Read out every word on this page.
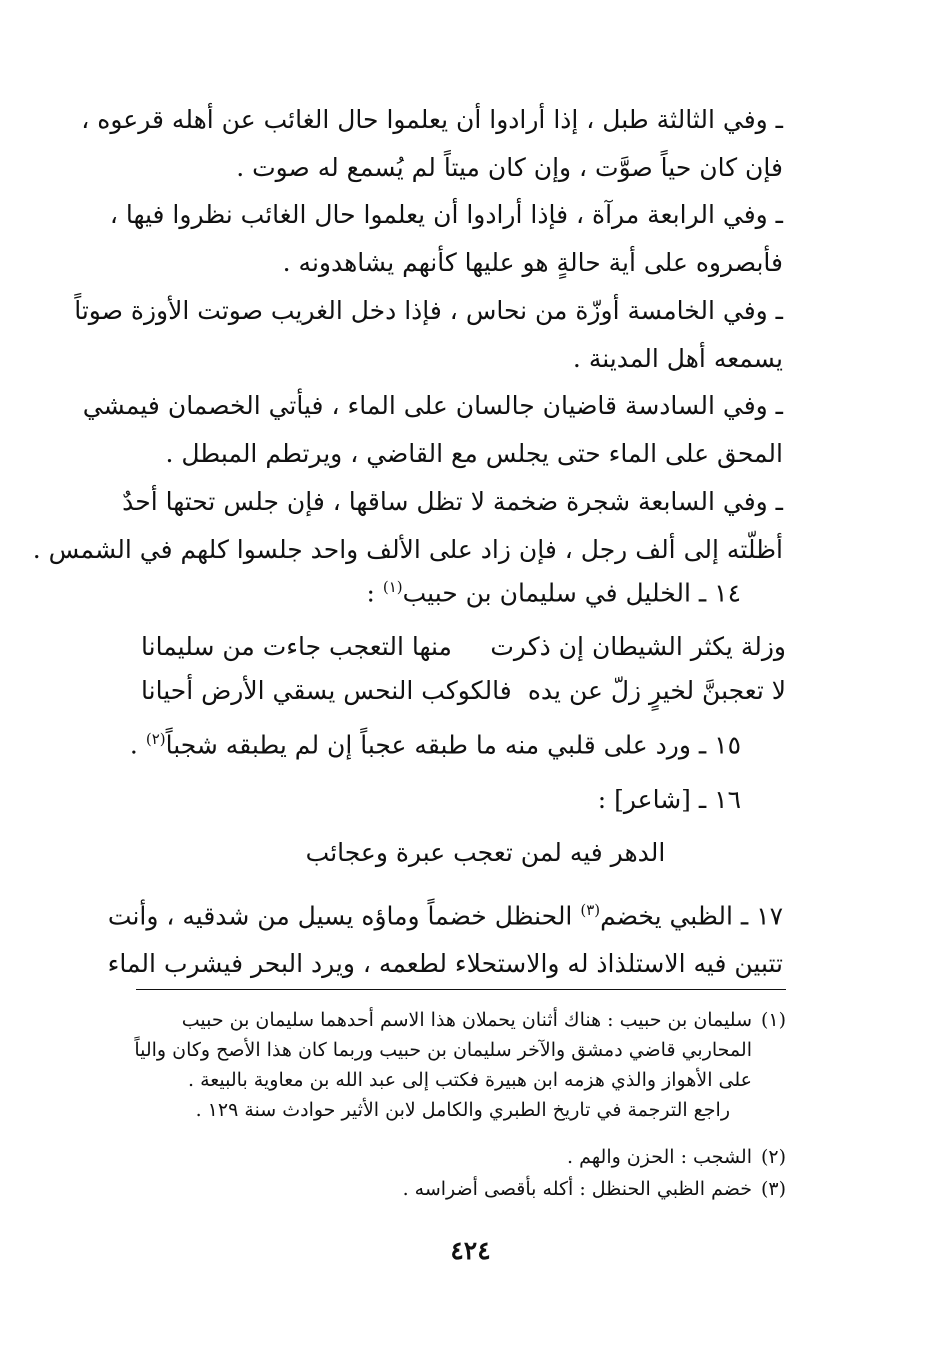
ـ وفي الثالثة طبل ، إذا أرادوا أن يعلموا حال الغائب عن أهله قرعوه ،
فإن كان حياً صوَّت ، وإن كان ميتاً لم يُسمع له صوت .
ـ وفي الرابعة مرآة ، فإذا أرادوا أن يعلموا حال الغائب نظروا فيها ،
فأبصروه على أية حالةٍ هو عليها كأنهم يشاهدونه .
ـ وفي الخامسة أوزّة من نحاس ، فإذا دخل الغريب صوتت الأوزة صوتاً
يسمعه أهل المدينة .
ـ وفي السادسة قاضيان جالسان على الماء ، فيأتي الخصمان فيمشي
المحق على الماء حتى يجلس مع القاضي ، ويرتطم المبطل .
ـ وفي السابعة شجرة ضخمة لا تظل ساقها ، فإن جلس تحتها أحدٌ
أظلّته إلى ألف رجل ، فإن زاد على الألف واحد جلسوا كلهم في الشمس .
١٤ ـ الخليل في سليمان بن حبيب$^{(١)}$ :
وزلة يكثر الشيطان إن ذكرت
منها التعجب جاءت من سليمانا
لا تعجبنَّ لخيرٍ زلّ عن يده
فالكوكب النحس يسقي الأرض أحيانا
١٥ ـ ورد على قلبي منه ما طبقه عجباً إن لم يطبقه شجباً$^{(٢)}$ .
١٦ ـ [شاعر] :
الدهر فيه لمن تعجب عبرة وعجائب
١٧ ـ الظبي يخضم$^{(٣)}$ الحنظل خضماً وماؤه يسيل من شدقيه ، وأنت
تتبين فيه الاستلذاذ له والاستحلاء لطعمه ، ويرد البحر فيشرب الماء
(١)سليمان بن حبيب : هناك أثنان يحملان هذا الاسم أحدهما سليمان بن حبيب
المحاربي قاضي دمشق والآخر سليمان بن حبيب وربما كان هذا الأصح وكان والياً
على الأهواز والذي هزمه ابن هبيرة فكتب إلى عبد الله بن معاوية بالبيعة .
راجع الترجمة في تاريخ الطبري والكامل لابن الأثير حوادث سنة ١٢٩ .
(٢)الشجب : الحزن والهم .
(٣)خضم الظبي الحنظل : أكله بأقصى أضراسه .
٤٢٤
